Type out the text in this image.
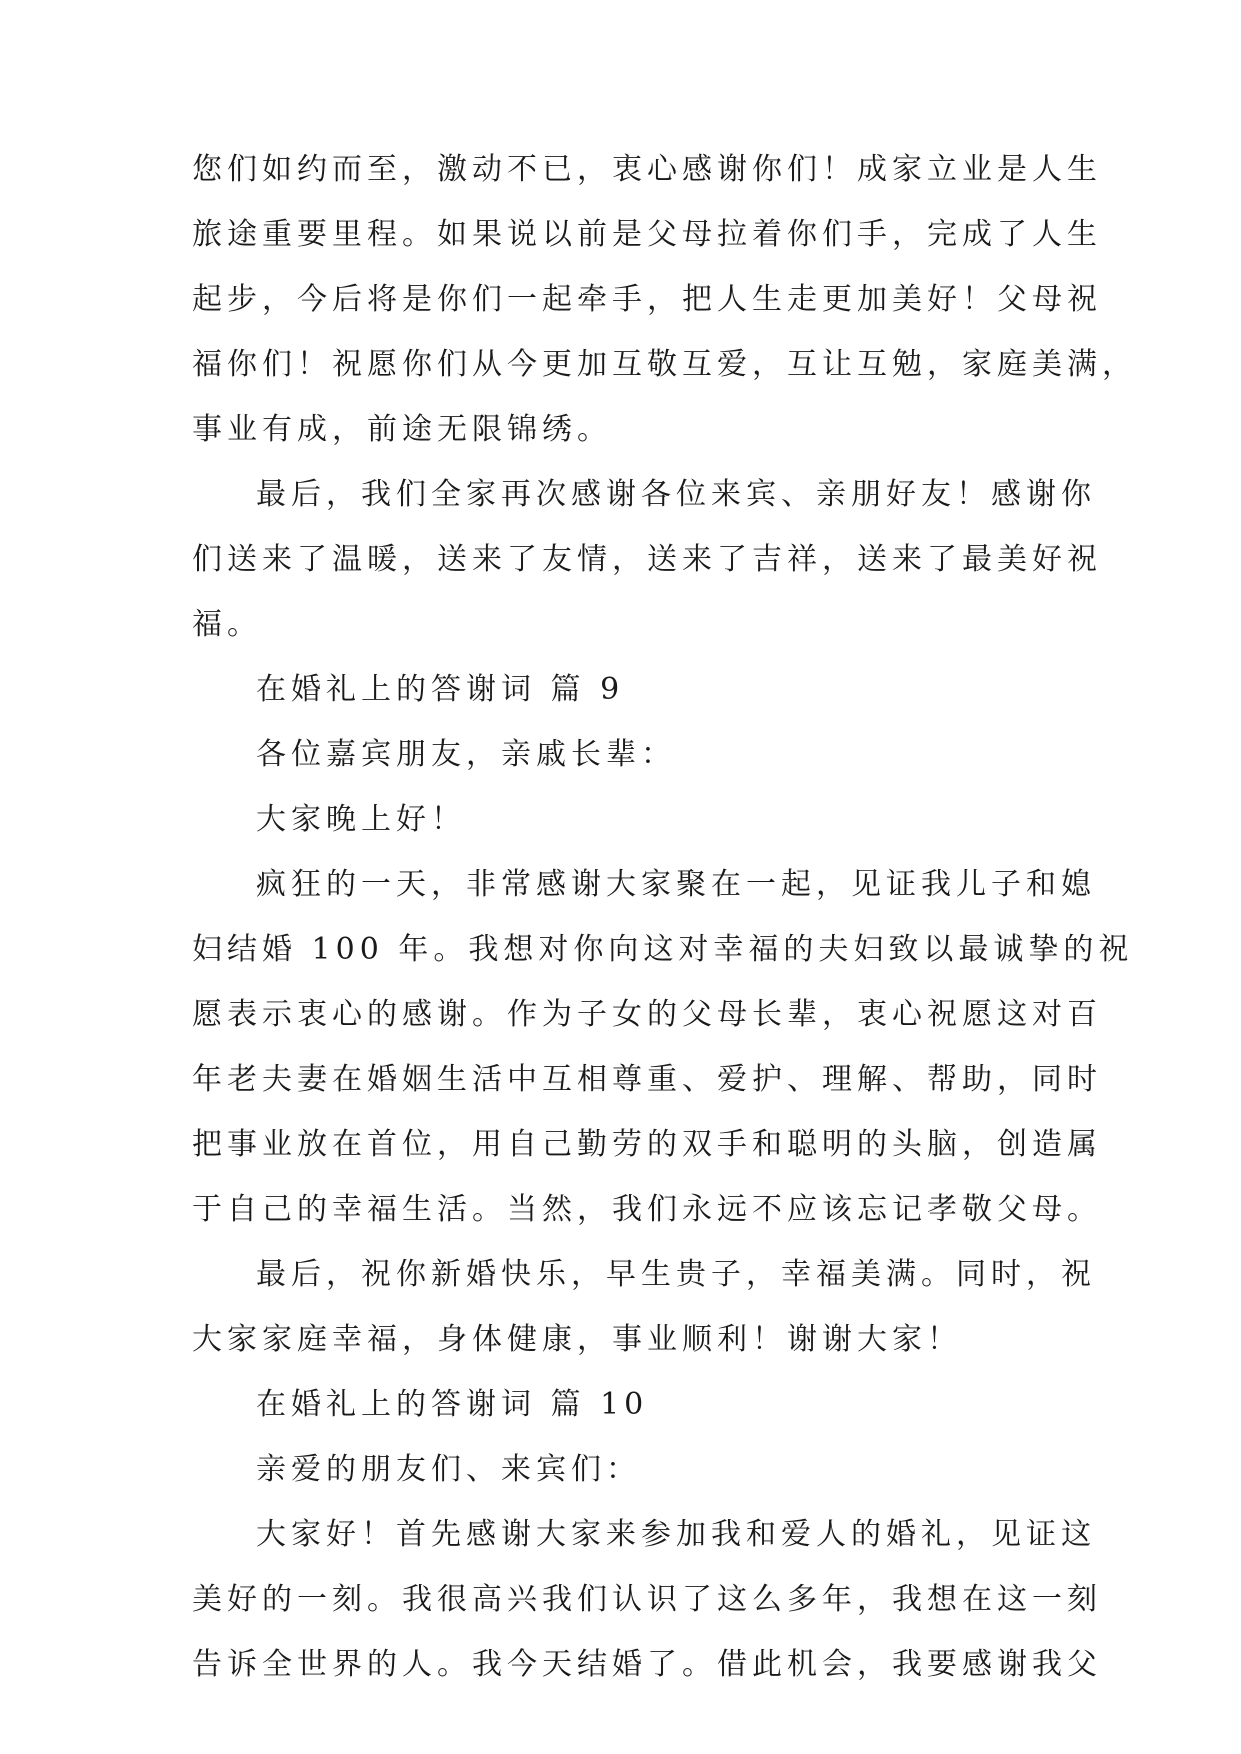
您们如约而至，激动不已，衷心感谢你们！成家立业是人生
旅途重要里程。如果说以前是父母拉着你们手，完成了人生
起步，今后将是你们一起牵手，把人生走更加美好！父母祝
福你们！祝愿你们从今更加互敬互爱，互让互勉，家庭美满，
事业有成，前途无限锦绣。
最后，我们全家再次感谢各位来宾、亲朋好友！感谢你
们送来了温暖，送来了友情，送来了吉祥，送来了最美好祝
福。
在婚礼上的答谢词 篇 9
各位嘉宾朋友，亲戚长辈：
大家晚上好！
疯狂的一天，非常感谢大家聚在一起，见证我儿子和媳
妇结婚 100 年。我想对你向这对幸福的夫妇致以最诚挚的祝
愿表示衷心的感谢。作为子女的父母长辈，衷心祝愿这对百
年老夫妻在婚姻生活中互相尊重、爱护、理解、帮助，同时
把事业放在首位，用自己勤劳的双手和聪明的头脑，创造属
于自己的幸福生活。当然，我们永远不应该忘记孝敬父母。
最后，祝你新婚快乐，早生贵子，幸福美满。同时，祝
大家家庭幸福，身体健康，事业顺利！谢谢大家！
在婚礼上的答谢词 篇 10
亲爱的朋友们、来宾们：
大家好！首先感谢大家来参加我和爱人的婚礼，见证这
美好的一刻。我很高兴我们认识了这么多年，我想在这一刻
告诉全世界的人。我今天结婚了。借此机会，我要感谢我父
